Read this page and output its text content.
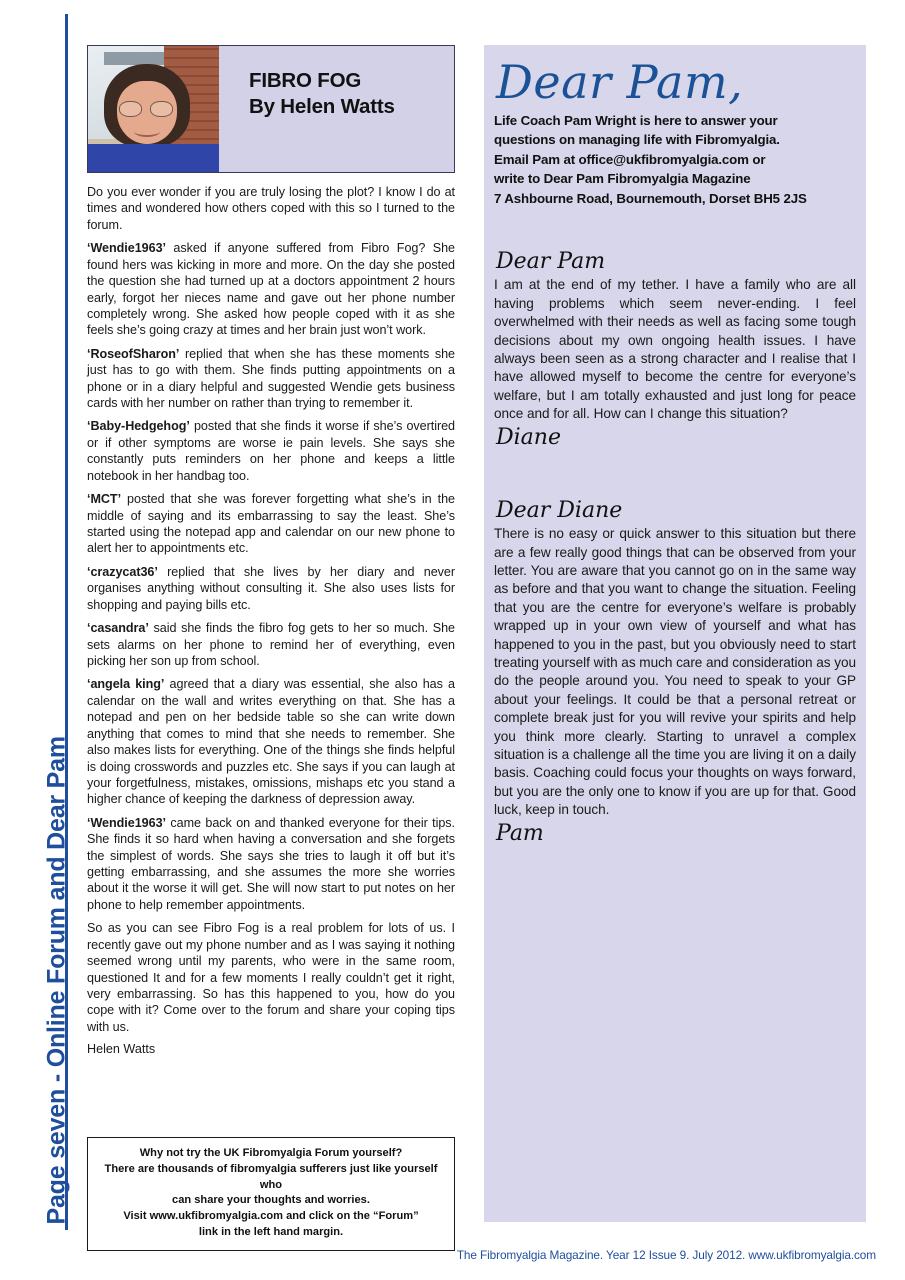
Page seven - Online Forum and Dear Pam
FIBRO FOG
By Helen Watts

Do you ever wonder if you are truly losing the plot? I know I do at times and wondered how others coped with this so I turned to the forum.

‘Wendie1963’ asked if anyone suffered from Fibro Fog? She found hers was kicking in more and more. On the day she posted the question she had turned up at a doctors appointment 2 hours early, forgot her nieces name and gave out her phone number completely wrong. She asked how people coped with it as she feels she’s going crazy at times and her brain just won’t work.

‘RoseofSharon’ replied that when she has these moments she just has to go with them. She finds putting appointments on a phone or in a diary helpful and suggested Wendie gets business cards with her number on rather than trying to remember it.

‘Baby-Hedgehog’ posted that she finds it worse if she’s overtired or if other symptoms are worse ie pain levels. She says she constantly puts reminders on her phone and keeps a little notebook in her handbag too.

‘MCT’ posted that she was forever forgetting what she’s in the middle of saying and its embarrassing to say the least. She’s started using the notepad app and calendar on our new phone to alert her to appointments etc.

‘crazycat36’ replied that she lives by her diary and never organises anything without consulting it. She also uses lists for shopping and paying bills etc.

‘casandra’ said she finds the fibro fog gets to her so much. She sets alarms on her phone to remind her of everything, even picking her son up from school.

‘angela king’ agreed that a diary was essential, she also has a calendar on the wall and writes everything on that. She has a notepad and pen on her bedside table so she can write down anything that comes to mind that she needs to remember. She also makes lists for everything. One of the things she finds helpful is doing crosswords and puzzles etc. She says if you can laugh at your forgetfulness, mistakes, omissions, mishaps etc you stand a higher chance of keeping the darkness of depression away.

‘Wendie1963’ came back on and thanked everyone for their tips. She finds it so hard when having a conversation and she forgets the simplest of words. She says she tries to laugh it off but it’s getting embarrassing, and she assumes the more she worries about it the worse it will get. She will now start to put notes on her phone to help remember appointments.

So as you can see Fibro Fog is a real problem for lots of us. I recently gave out my phone number and as I was saying it nothing seemed wrong until my parents, who were in the same room, questioned It and for a few moments I really couldn’t get it right, very embarrassing. So has this happened to you, how do you cope with it? Come over to the forum and share your coping tips with us.

Helen Watts

Why not try the UK Fibromyalgia Forum yourself?
There are thousands of fibromyalgia sufferers just like yourself who
can share your thoughts and worries.
Visit www.ukfibromyalgia.com and click on the “Forum”
link in the left hand margin.
Dear Pam,
Life Coach Pam Wright is here to answer your
questions on managing life with Fibromyalgia.
Email Pam at office@ukfibromyalgia.com or
write to Dear Pam Fibromyalgia Magazine
7 Ashbourne Road, Bournemouth, Dorset BH5 2JS
Dear Pam

I am at the end of my tether. I have a family who are all having problems which seem never-ending. I feel overwhelmed with their needs as well as facing some tough decisions about my own ongoing health issues. I have always been seen as a strong character and I realise that I have allowed myself to become the centre for everyone’s welfare, but I am totally exhausted and just long for peace once and for all. How can I change this situation?

Diane
Dear Diane

There is no easy or quick answer to this situation but there are a few really good things that can be observed from your letter. You are aware that you cannot go on in the same way as before and that you want to change the situation. Feeling that you are the centre for everyone’s welfare is probably wrapped up in your own view of yourself and what has happened to you in the past, but you obviously need to start treating yourself with as much care and consideration as you do the people around you. You need to speak to your GP about your feelings. It could be that a personal retreat or complete break just for you will revive your spirits and help you think more clearly. Starting to unravel a complex situation is a challenge all the time you are living it on a daily basis. Coaching could focus your thoughts on ways forward, but you are the only one to know if you are up for that. Good luck, keep in touch.

Pam
The Fibromyalgia Magazine. Year 12 Issue 9. July 2012. www.ukfibromyalgia.com
